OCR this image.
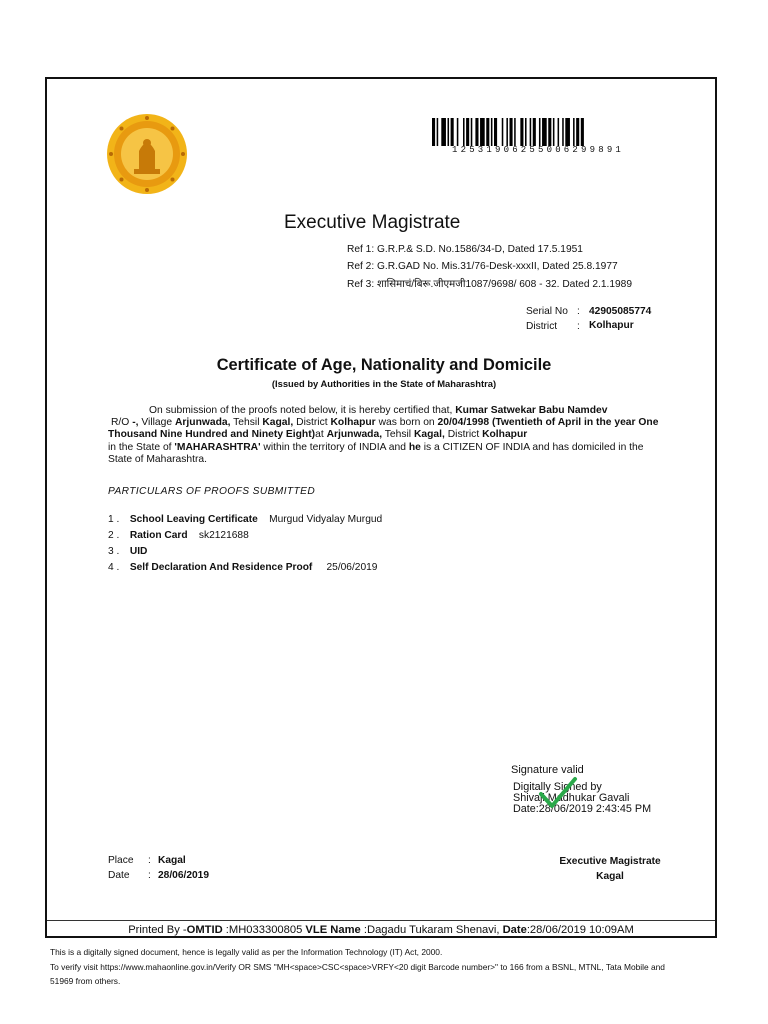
12531906255006299891
Executive Magistrate
Ref 1: G.R.P.& S.D. No.1586/34-D, Dated 17.5.1951
Ref 2: G.R.GAD No. Mis.31/76-Desk-xxxII, Dated 25.8.1977
Ref 3: शासिमाचं/बिरू.जीएमजी1087/9698/ 608 - 32. Dated 2.1.1989
Serial No : 42905085774
District : Kolhapur
Certificate of Age, Nationality and Domicile
(Issued by Authorities in the State of Maharashtra)
On submission of the proofs noted below, it is hereby certified that, Kumar Satwekar Babu Namdev
R/O -, Village Arjunwada, Tehsil Kagal, District Kolhapur was born on 20/04/1998 (Twentieth of April in the year One Thousand Nine Hundred and Ninety Eight)at Arjunwada, Tehsil Kagal, District Kolhapur
in the State of 'MAHARASHTRA' within the territory of INDIA and he is a CITIZEN OF INDIA and has domiciled in the State of Maharashtra.
PARTICULARS OF PROOFS SUBMITTED
1 . School Leaving Certificate Murgud Vidyalay Murgud
2 . Ration Card sk2121688
3 . UID
4 . Self Declaration And Residence Proof 25/06/2019
Signature valid
Digitally Signed by
Shivaji Madhukar Gavali
Date:28/06/2019 2:43:45 PM
Place : Kagal
Date : 28/06/2019
Executive Magistrate
Kagal
Printed By -OMTID :MH033300805 VLE Name :Dagadu Tukaram Shenavi, Date:28/06/2019 10:09AM
This is a digitally signed document, hence is legally valid as per the Information Technology (IT) Act, 2000.
To verify visit https://www.mahaonline.gov.in/Verify OR SMS "MH<space>CSC<space>VRFY<20 digit Barcode number>" to 166 from a BSNL, MTNL, Tata Mobile and
51969 from others.
